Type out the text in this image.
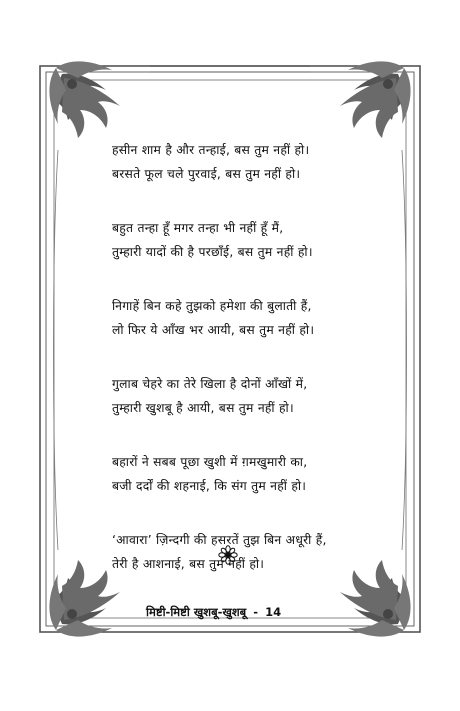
हसीन शाम है और तन्हाई, बस तुम नहीं हो।
बरसते फूल चले पुरवाई, बस तुम नहीं हो।
बहुत तन्हा हूँ मगर तन्हा भी नहीं हूँ मैं,
तुम्हारी यादों की है परछाँई, बस तुम नहीं हो।
निगाहें बिन कहे तुझको हमेशा की बुलाती हैं,
लो फिर ये आँख भर आयी, बस तुम नहीं हो।
गुलाब चेहरे का तेरे खिला है दोनों आँखों में,
तुम्हारी खुशबू है आयी, बस तुम नहीं हो।
बहारों ने सबब पूछा खुशी में ग़मखुमारी का,
बजी दर्दों की शहनाई, कि संग तुम नहीं हो।
‘आवारा’ ज़िन्दगी की हसरतें तुझ बिन अधूरी हैं,
तेरी है आशनाई, बस तुम नहीं हो।
मिष्टी-मिष्टी खुशबू-खुशबू - 14
